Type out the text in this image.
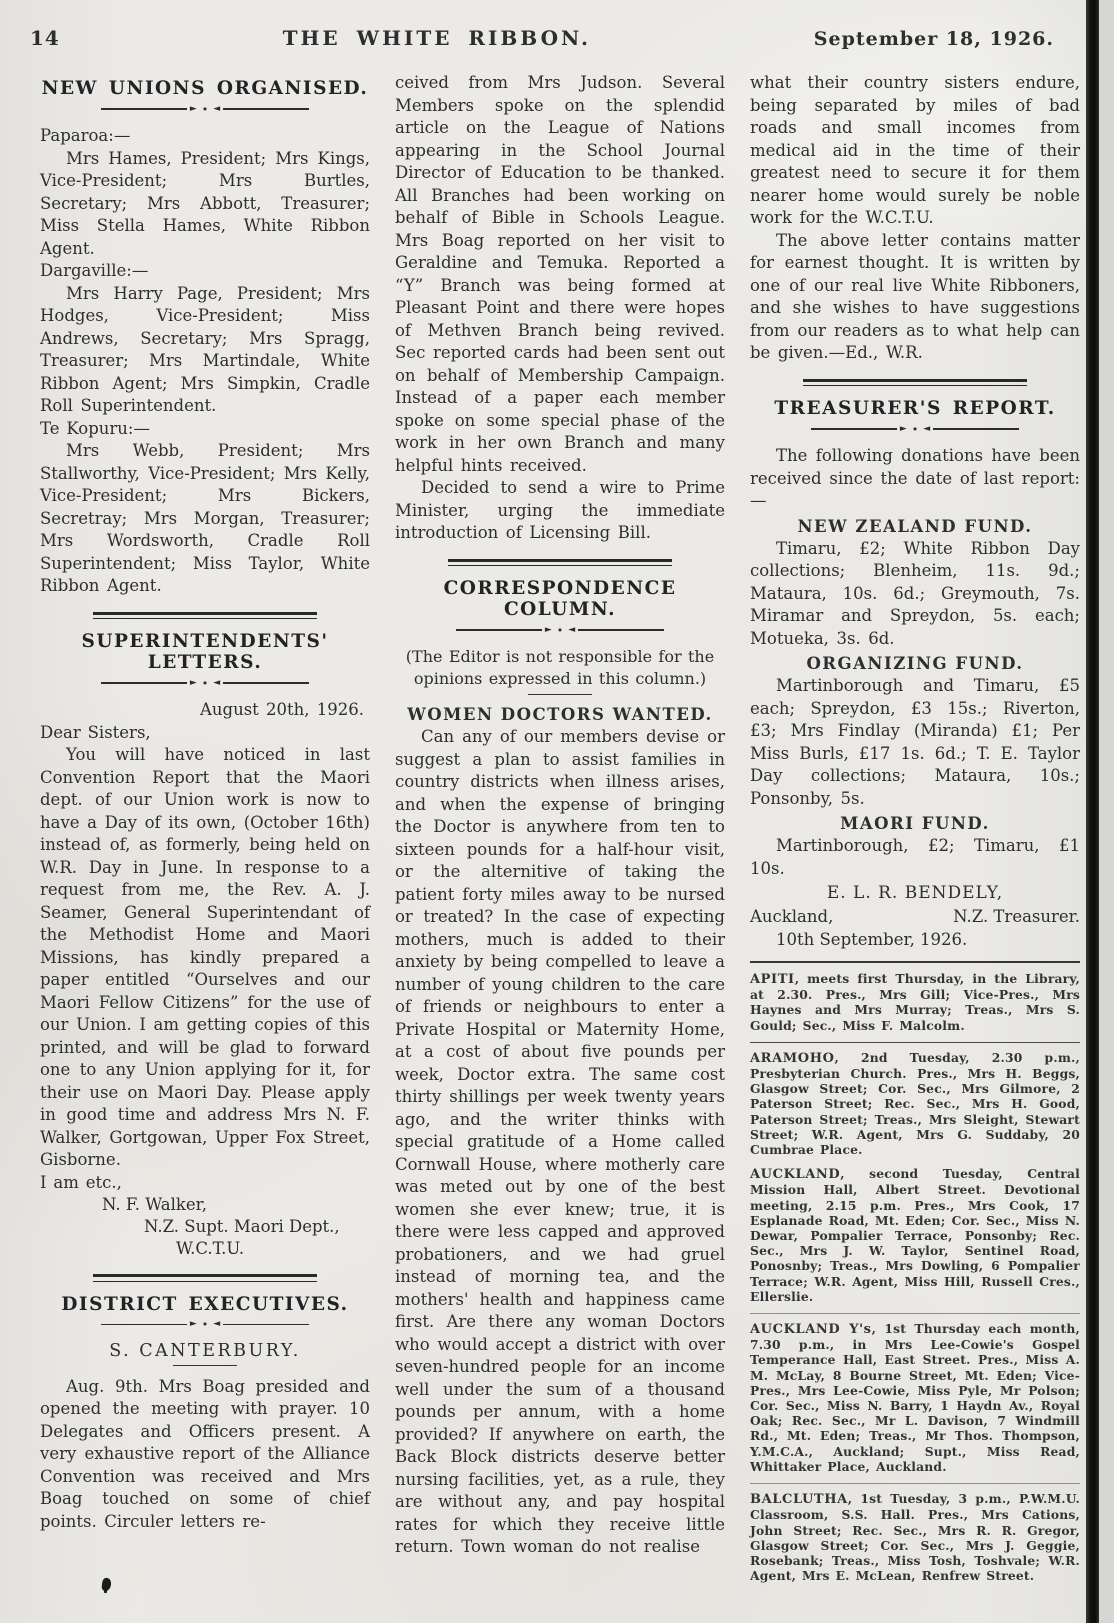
14	THE WHITE RIBBON.	September 18, 1926.
NEW UNIONS ORGANISED.
► • ◄

Paparoa:—

Mrs Hames, President; Mrs Kings, Vice-President; Mrs Burtles, Secretary; Mrs Abbott, Treasurer; Miss Stella Hames, White Ribbon Agent.

Dargaville:—

Mrs Harry Page, President; Mrs Hodges, Vice-President; Miss Andrews, Secretary; Mrs Spragg, Treasurer; Mrs Martindale, White Ribbon Agent; Mrs Simpkin, Cradle Roll Superintendent.

Te Kopuru:—

Mrs Webb, President; Mrs Stallworthy, Vice-President; Mrs Kelly, Vice-President; Mrs Bickers, Secretray; Mrs Morgan, Treasurer; Mrs Wordsworth, Cradle Roll Superintendent; Miss Taylor, White Ribbon Agent.

SUPERINTENDENTS' LETTERS.
► • ◄

August 20th, 1926.

Dear Sisters,

You will have noticed in last Convention Report that the Maori dept. of our Union work is now to have a Day of its own, (October 16th) instead of, as formerly, being held on W.R. Day in June. In response to a request from me, the Rev. A. J. Seamer, General Superintendant of the Methodist Home and Maori Missions, has kindly prepared a paper entitled “Ourselves and our Maori Fellow Citizens” for the use of our Union. I am getting copies of this printed, and will be glad to forward one to any Union applying for it, for their use on Maori Day. Please apply in good time and address Mrs N. F. Walker, Gortgowan, Upper Fox Street, Gisborne.

I am etc.,

N. F. Walker,

N.Z. Supt. Maori Dept.,

W.C.T.U.

DISTRICT EXECUTIVES.
► • ◄
S. CANTERBURY.

Aug. 9th. Mrs Boag presided and opened the meeting with prayer. 10 Delegates and Officers present. A very exhaustive report of the Alliance Convention was received and Mrs Boag touched on some of chief points. Circuler letters re-

ceived from Mrs Judson. Several Members spoke on the splendid article on the League of Nations appearing in the School Journal Director of Education to be thanked. All Branches had been working on behalf of Bible in Schools League. Mrs Boag reported on her visit to Geraldine and Temuka. Reported a “Y” Branch was being formed at Pleasant Point and there were hopes of Methven Branch being revived. Sec reported cards had been sent out on behalf of Membership Campaign. Instead of a paper each member spoke on some special phase of the work in her own Branch and many helpful hints received.

Decided to send a wire to Prime Minister, urging the immediate introduction of Licensing Bill.

CORRESPONDENCE COLUMN.
► • ◄

(The Editor is not responsible for the opinions expressed in this column.)

WOMEN DOCTORS WANTED.

Can any of our members devise or suggest a plan to assist families in country districts when illness arises, and when the expense of bringing the Doctor is anywhere from ten to sixteen pounds for a half-hour visit, or the alternitive of taking the patient forty miles away to be nursed or treated? In the case of expecting mothers, much is added to their anxiety by being compelled to leave a number of young children to the care of friends or neighbours to enter a Private Hospital or Maternity Home, at a cost of about five pounds per week, Doctor extra. The same cost thirty shillings per week twenty years ago, and the writer thinks with special gratitude of a Home called Cornwall House, where motherly care was meted out by one of the best women she ever knew; true, it is there were less capped and approved probationers, and we had gruel instead of morning tea, and the mothers' health and happiness came first. Are there any woman Doctors who would accept a district with over seven-hundred people for an income well under the sum of a thousand pounds per annum, with a home provided? If anywhere on earth, the Back Block districts deserve better nursing facilities, yet, as a rule, they are without any, and pay hospital rates for which they receive little return. Town woman do not realise

what their country sisters endure, being separated by miles of bad roads and small incomes from medical aid in the time of their greatest need to secure it for them nearer home would surely be noble work for the W.C.T.U.

The above letter contains matter for earnest thought. It is written by one of our real live White Ribboners, and she wishes to have suggestions from our readers as to what help can be given.—Ed., W.R.

TREASURER'S REPORT.
► • ◄

The following donations have been received since the date of last report:—

NEW ZEALAND FUND.

Timaru, £2; White Ribbon Day collections; Blenheim, 11s. 9d.; Mataura, 10s. 6d.; Greymouth, 7s. Miramar and Spreydon, 5s. each; Motueka, 3s. 6d.

ORGANIZING FUND.

Martinborough and Timaru, £5 each; Spreydon, £3 15s.; Riverton, £3; Mrs Findlay (Miranda) £1; Per Miss Burls, £17 1s. 6d.; T. E. Taylor Day collections; Mataura, 10s.; Ponsonby, 5s.

MAORI FUND.

Martinborough, £2; Timaru, £1 10s.

E. L. R. BENDELY,

Auckland,	N.Z. Treasurer.

10th September, 1926.

APITI, meets first Thursday, in the Library, at 2.30. Pres., Mrs Gill; Vice-Pres., Mrs Haynes and Mrs Murray; Treas., Mrs S. Gould; Sec., Miss F. Malcolm.

ARAMOHO, 2nd Tuesday, 2.30 p.m., Presbyterian Church. Pres., Mrs H. Beggs, Glasgow Street; Cor. Sec., Mrs Gilmore, 2 Paterson Street; Rec. Sec., Mrs H. Good, Paterson Street; Treas., Mrs Sleight, Stewart Street; W.R. Agent, Mrs G. Suddaby, 20 Cumbrae Place.

AUCKLAND, second Tuesday, Central Mission Hall, Albert Street. Devotional meeting, 2.15 p.m. Pres., Mrs Cook, 17 Esplanade Road, Mt. Eden; Cor. Sec., Miss N. Dewar, Pompalier Terrace, Ponsonby; Rec. Sec., Mrs J. W. Taylor, Sentinel Road, Ponosnby; Treas., Mrs Dowling, 6 Pompalier Terrace; W.R. Agent, Miss Hill, Russell Cres., Ellerslie.

AUCKLAND Y's, 1st Thursday each month, 7.30 p.m., in Mrs Lee-Cowie's Gospel Temperance Hall, East Street. Pres., Miss A. M. McLay, 8 Bourne Street, Mt. Eden; Vice-Pres., Mrs Lee-Cowie, Miss Pyle, Mr Polson; Cor. Sec., Miss N. Barry, 1 Haydn Av., Royal Oak; Rec. Sec., Mr L. Davison, 7 Windmill Rd., Mt. Eden; Treas., Mr Thos. Thompson, Y.M.C.A., Auckland; Supt., Miss Read, Whittaker Place, Auckland.

BALCLUTHA, 1st Tuesday, 3 p.m., P.W.M.U. Classroom, S.S. Hall. Pres., Mrs Cations, John Street; Rec. Sec., Mrs R. R. Gregor, Glasgow Street; Cor. Sec., Mrs J. Geggie, Rosebank; Treas., Miss Tosh, Toshvale; W.R. Agent, Mrs E. McLean, Renfrew Street.
